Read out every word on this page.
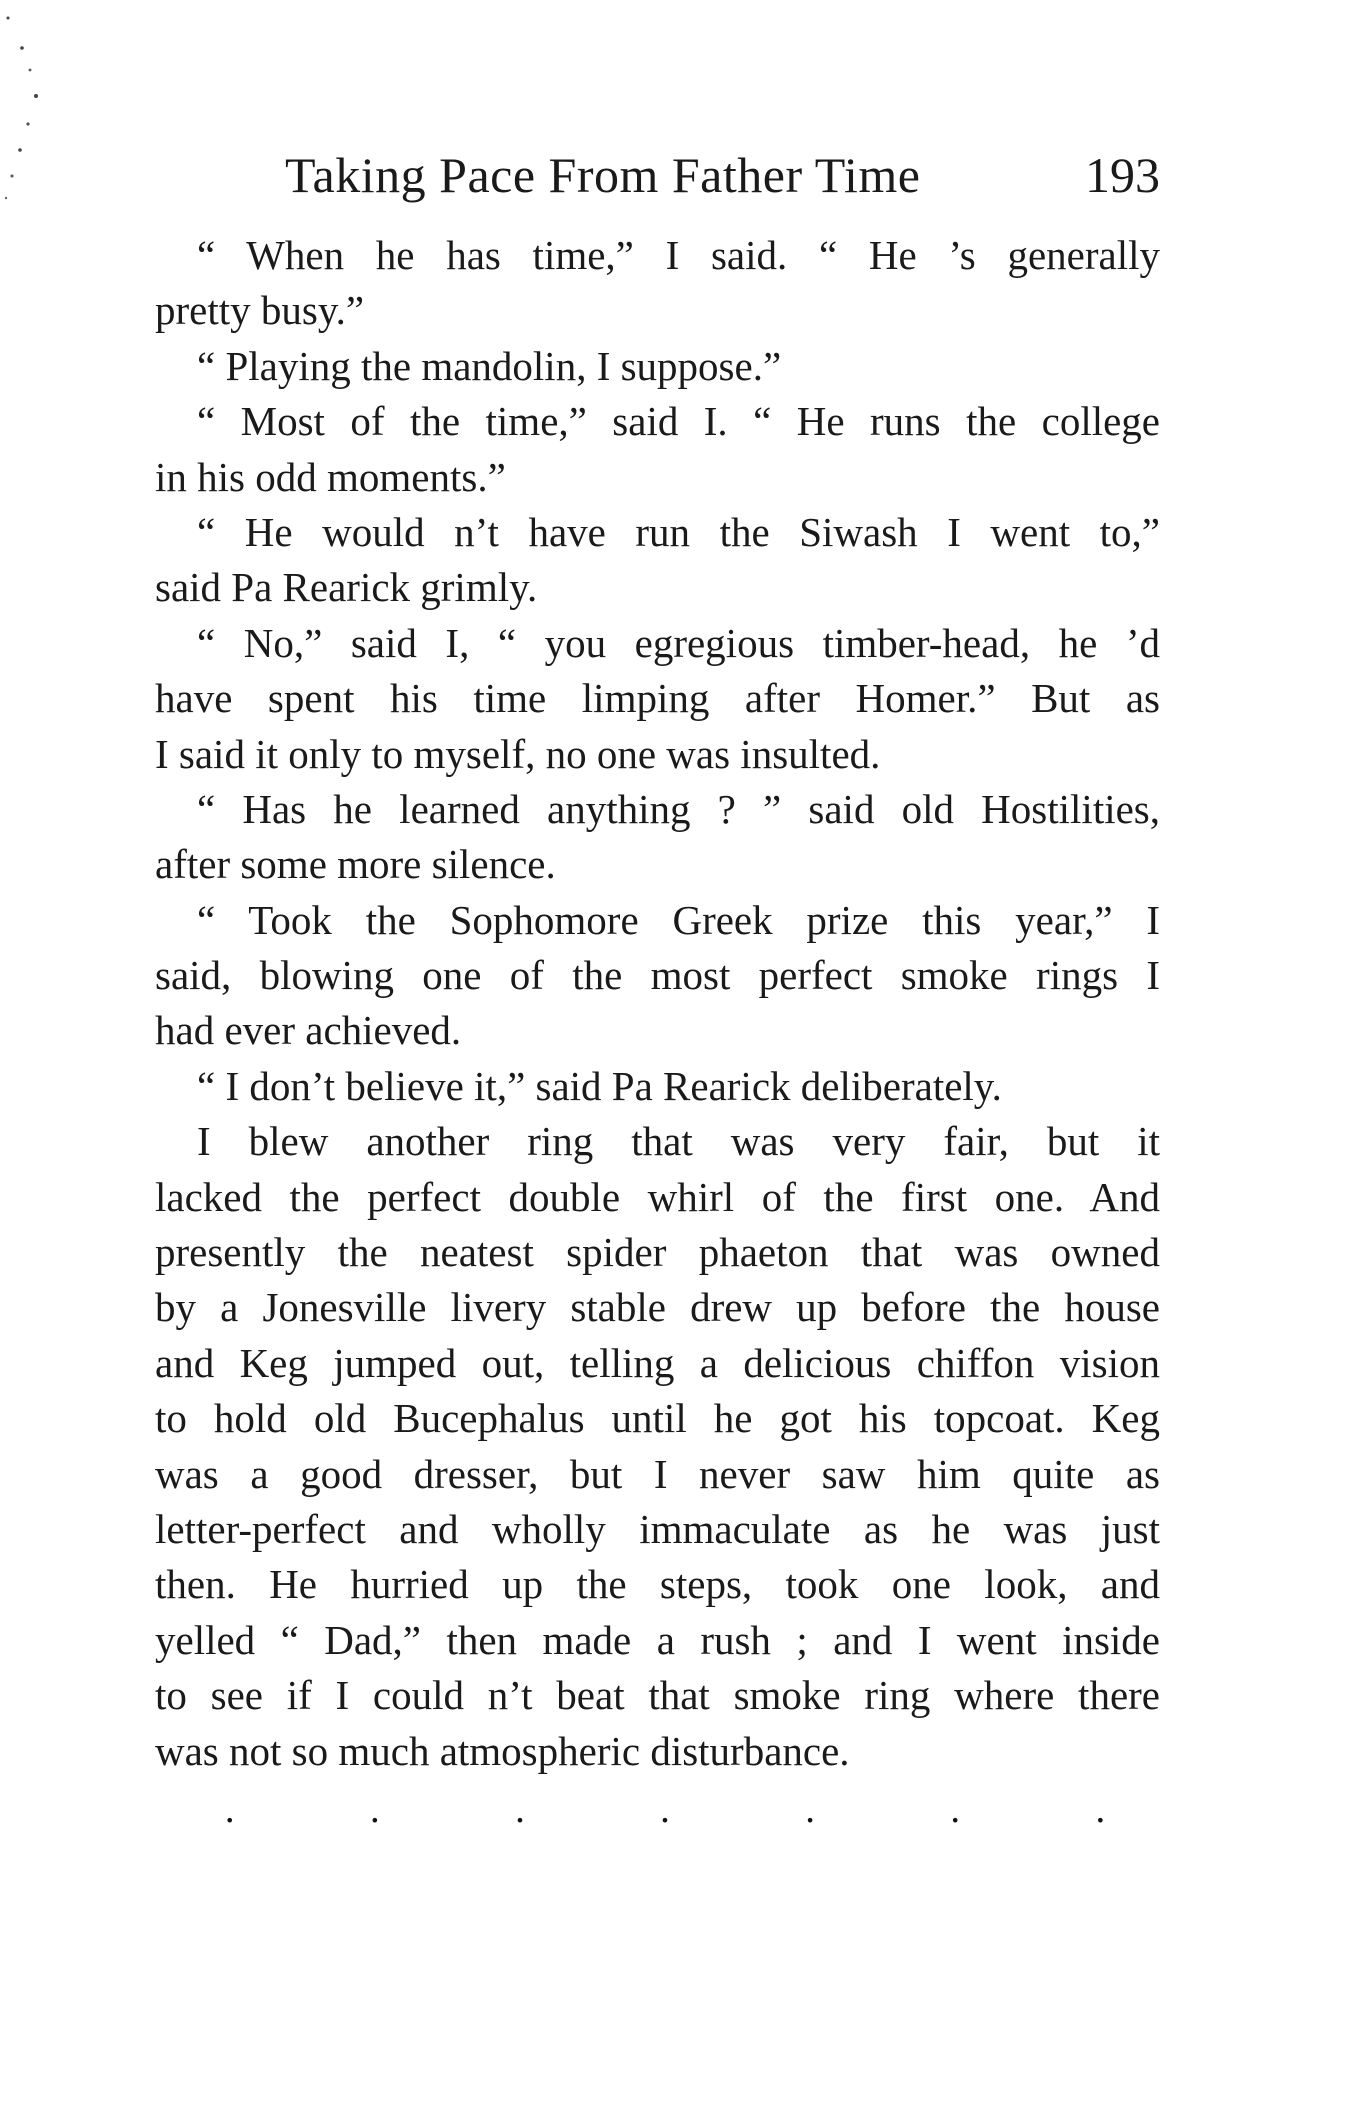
Taking Pace From Father Time	193
“ When he has time,” I said. “ He ’s generally
pretty busy.”
“ Playing the mandolin, I suppose.”
“ Most of the time,” said I. “ He runs the college
in his odd moments.”
“ He would n’t have run the Siwash I went to,”
said Pa Rearick grimly.
“ No,” said I, “ you egregious timber-head, he ’d
have spent his time limping after Homer.” But as
I said it only to myself, no one was insulted.
“ Has he learned anything ? ” said old Hostilities,
after some more silence.
“ Took the Sophomore Greek prize this year,” I
said, blowing one of the most perfect smoke rings I
had ever achieved.
“ I don’t believe it,” said Pa Rearick deliberately.
I blew another ring that was very fair, but it
lacked the perfect double whirl of the first one. And
presently the neatest spider phaeton that was owned
by a Jonesville livery stable drew up before the house
and Keg jumped out, telling a delicious chiffon vision
to hold old Bucephalus until he got his topcoat. Keg
was a good dresser, but I never saw him quite as
letter-perfect and wholly immaculate as he was just
then. He hurried up the steps, took one look, and
yelled “ Dad,” then made a rush ; and I went inside
to see if I could n’t beat that smoke ring where there
was not so much atmospheric disturbance.
•	•	•	•	•	•	•
